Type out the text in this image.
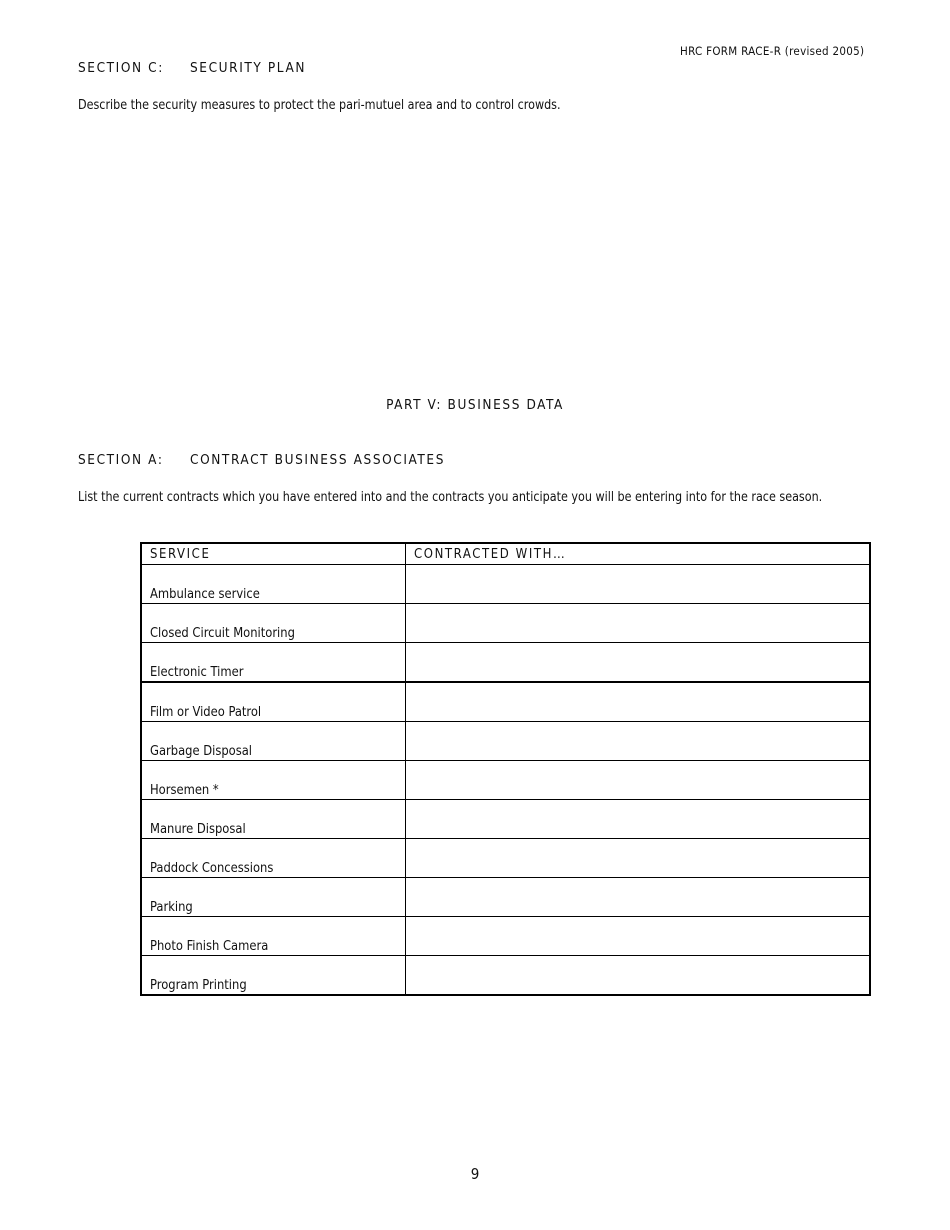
HRC FORM RACE-R (revised 2005)
SECTION C: SECURITY PLAN
Describe the security measures to protect the pari-mutuel area and to control crowds.
PART V: BUSINESS DATA
SECTION A: CONTRACT BUSINESS ASSOCIATES
List the current contracts which you have entered into and the contracts you anticipate you will be entering into for the race season.
SERVICE	CONTRACTED WITH…
Ambulance service	
Closed Circuit Monitoring	
Electronic Timer	
Film or Video Patrol	
Garbage Disposal	
Horsemen *	
Manure Disposal	
Paddock Concessions	
Parking	
Photo Finish Camera	
Program Printing	
9
